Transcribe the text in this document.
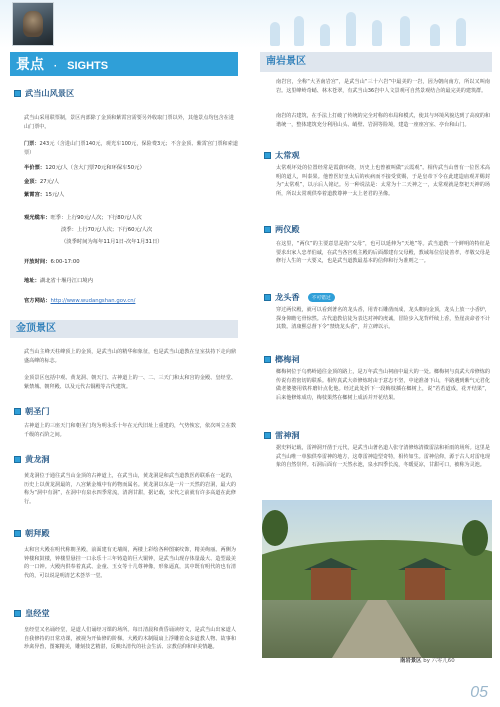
景点 · SIGHTS
武当山风景区
武当山采用联票制，景区内部除了金顶和紫霄宫需要另外收取门票以外，其他景点均包含在进山门票中。
门票：243元（含进山门票140元，观光车100元，保险费3元；不含金顶、紫霄宫门票和索道票）
半价票：120元/人（含大门票70元和环保车50元）
金顶：27元/人
紫霄宫：15元/人
观光缆车：旺季：上行90元/人次；下行80元/人次
淡季：上行70元/人次；下行60元/人次
（淡季时间为每年11月1日-次年1月31日）
开放时间：6:00-17:00
地址：湖北省十堰丹江口境内
官方网站：http://www.wudangshan.gov.cn/
金顶景区
武当山主峰天柱峰顶上的金顶，是武当山的精华和象征，也是武当山道教在皇室扶持下走向鼎盛高峰的标志。
金顶景区包括中观、黄龙洞、朝天门、古神道上的一、二、三天门和太和宫的金殿、皇经堂、紫禁城、朝拜殿、以及元代古铜殿等古代建筑。
朝圣门
古神道上的三座天门和朝圣门均为明永乐十年在元代旧址上重建的，气势恢宏，依次叫立在数千级的石阶之间。
黄龙洞
黄龙洞位于通往武当山金顶的古神道上，在武当山，黄龙洞是和武当道教医药联系在一起的，历史上以黄龙洞最的，八宫紫金城中有药物而属名。黄龙洞以东是一片一天然的岩洞，最大的称为“洞中有洞”，在洞中有泉水四季常流，清冽甘甜，据记载，宋代之前就有许多高道在此修行。
朝拜殿
太和宫大殿在明代称朝圣殿，前面建有无墙阁，两楼上彩绘各种图案纹饰，精美绚丽。两侧为钟楼和鼓楼，钟楼里悬挂一口永乐十三年铸造的巨大铜钟，是武当山现存体量最大、造型最美的一口钟。大殿内供奉着真武、金童、玉女等十几尊神像，形象逼真，其中既有明代的也有清代的，可以说是明清艺术荟萃一堂。
皇经堂
皇经堂又名诵经堂，是道人们诵经习课的场所。每日清晨和黄昏诵读经文，是武当山出家道人自我修持的日常功课，被视为开仙修的阶梯。大殿的木制隔扇上浮雕着众多道教人物、故事和珍禽异兽，图案精美，雕刻技艺精湛，反映出清代的社会生活、宗教信仰和审美情趣。
南岩景区
南岩宫，全称“大圣南岩宫”，是武当山“三十六岩”中最美的一岩，因为朝向南方，所以又叫南岩。这里峰岭奇峭、林木苍翠，有武当山36岩中人文景观可自然景观结合的最完美的建筑群。
南岩的古建筑，在手法上打破了传统的完全对称的布局和模式，使其与环境风貌达到了高度的和谐统一，整体建筑充分利用山头、峭壁、岩洞等险境，建造一座座宫室、亭台和山门。
太常观
太常观坏处的位置经常是霞蔚环绕，历史上也曾被叫做“云霞观”。相传武当山曾有一位医术高明的道人，叫泰果。他曾医好皇太后的疾病而不接受赏赐，于是皇帝下令在此建造庙观并赐封为“太常观”，以示后人铭记。另一种说法是：太常为十二天神之一，太常观就是祭祀天神的场所，所以太常观供奉着道教尊神一太上老君的圣像。
两仪殿
在这里，“两仪”的主要意思是指“父母”，也可以延伸为“天地”等。武当道教一个鲜明的特征是要求出家人忠孝伯诚，在武当各宫观主殿的后面都建有父母殿，教诫每位信徒善孝，孝敬父母是修行人生的一大要义，也是武当道教最基本的信仰和行为准则之一。
龙头香	不可错过
穿过两仪殿，就可以看到著名的龙头香，用青石雕凿而成，龙头朝向金顶，龙头上放一小香炉，探身仰瞻宅骨惊然。古代道教信徒为表达对神的虔诚，冒险步入龙背纤续上香，坠崖丧命者不计其数。清康熙总督下令“禁烧龙头香”，并立碑以示。
榔梅祠
榔梅祠位于乌鸦岭通往金顶的路上，是万年武当山祠庙中最大的一处。榔梅祠与真武大帝修炼的传说有着密切的联系。相传真武大帝修炼时由于意志不坚，中途准备下山，半路遇到紫气元君化做老婆婆用铁杵磨针点化他。经过此处折下一段梅枝插在榔树上，说“若若道成，花开结果”，后来他修炼成功，梅枝果然在榔树上成活并开花结果。
雷神洞
据史料记载，雷神洞开凿于元代，是武当山著名道人张守清修炼清微雷法和祈雨的场所。这里是武当山唯一单独供奉雷神的地方，这尊雷神造型奇特，相传如生。雷神信仰，源于古人对雷电现象的自然崇拜。石洞后面有一天然水池，泉水四季长流，冬暖夏凉，甘甜可口，被称为灵池。
南岩景区 by 六零儿60
05
